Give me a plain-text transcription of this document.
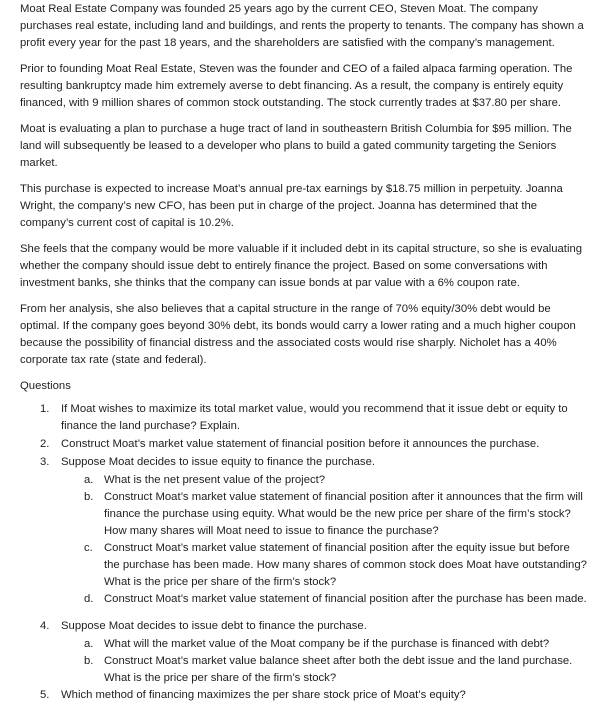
Moat Real Estate Company was founded 25 years ago by the current CEO, Steven Moat. The company purchases real estate, including land and buildings, and rents the property to tenants. The company has shown a profit every year for the past 18 years, and the shareholders are satisfied with the company’s management.

Prior to founding Moat Real Estate, Steven was the founder and CEO of a failed alpaca farming operation. The resulting bankruptcy made him extremely averse to debt financing. As a result, the company is entirely equity financed, with 9 million shares of common stock outstanding. The stock currently trades at $37.80 per share.

Moat is evaluating a plan to purchase a huge tract of land in southeastern British Columbia for $95 million. The land will subsequently be leased to a developer who plans to build a gated community targeting the Seniors market.

This purchase is expected to increase Moat’s annual pre-tax earnings by $18.75 million in perpetuity. Joanna Wright, the company’s new CFO, has been put in charge of the project. Joanna has determined that the company’s current cost of capital is 10.2%.

She feels that the company would be more valuable if it included debt in its capital structure, so she is evaluating whether the company should issue debt to entirely finance the project. Based on some conversations with investment banks, she thinks that the company can issue bonds at par value with a 6% coupon rate.

From her analysis, she also believes that a capital structure in the range of 70% equity/30% debt would be optimal. If the company goes beyond 30% debt, its bonds would carry a lower rating and a much higher coupon because the possibility of financial distress and the associated costs would rise sharply. Nicholet has a 40% corporate tax rate (state and federal).

Questions

1. If Moat wishes to maximize its total market value, would you recommend that it issue debt or equity to finance the land purchase? Explain.
2. Construct Moat’s market value statement of financial position before it announces the purchase.
3. Suppose Moat decides to issue equity to finance the purchase.
a. What is the net present value of the project?
b. Construct Moat’s market value statement of financial position after it announces that the firm will finance the purchase using equity. What would be the new price per share of the firm’s stock? How many shares will Moat need to issue to finance the purchase?
c. Construct Moat’s market value statement of financial position after the equity issue but before the purchase has been made. How many shares of common stock does Moat have outstanding? What is the price per share of the firm’s stock?
d. Construct Moat’s market value statement of financial position after the purchase has been made.
4. Suppose Moat decides to issue debt to finance the purchase.
a. What will the market value of the Moat company be if the purchase is financed with debt?
b. Construct Moat’s market value balance sheet after both the debt issue and the land purchase. What is the price per share of the firm’s stock?
5. Which method of financing maximizes the per share stock price of Moat’s equity?
